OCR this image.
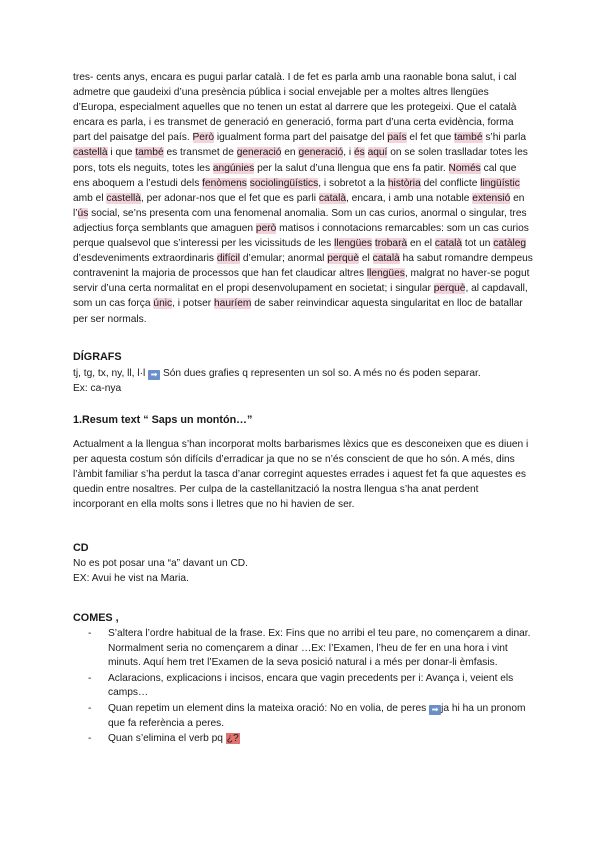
tres- cents anys, encara es pugui parlar català. I de fet es parla amb una raonable bona salut, i cal admetre que gaudeixi d’una presència pública i social envejable per a moltes altres llengües d’Europa, especialment aquelles que no tenen un estat al darrere que les protegeixi. Que el català encara es parla, i es transmet de generació en generació, forma part d’una certa evidència, forma part del paisatge del país. Però igualment forma part del paisatge del país el fet que també s’hi parla castellà i que també es transmet de generació en generació, i és aquí on se solen traslladar totes les pors, tots els neguits, totes les angúnies per la salut d’una llengua que ens fa patir. Només cal que ens aboquem a l’estudi dels fenòmens sociolingüístics, i sobretot a la història del conflicte lingüístic amb el castellà, per adonar-nos que el fet que es parli català, encara, i amb una notable extensió en l’ús social, se’ns presenta com una fenomenal anomalia. Som un cas curios, anormal o singular, tres adjectius força semblants que amaguen però matisos i connotacions remarcables: som un cas curios perque qualsevol que s’interessi per les vicissituds de les llengües trobarà en el català tot un catàleg d’esdeveniments extraordinaris difícil d’emular; anormal perquè el català ha sabut romandre dempeus contravenint la majoria de processos que han fet claudicar altres llengües, malgrat no haver-se pogut servir d’una certa normalitat en el propi desenvolupament en societat; i singular perquè, al capdavall, som un cas força únic, i potser hauríem de saber reinvindicar aquesta singularitat en lloc de batallar per ser normals.

DÍGRAFS

tj, tg, tx, ny, ll, l·l ➡ Són dues grafies q representen un sol so. A més no és poden separar.
Ex: ca-nya

1.Resum text “ Saps un montón…”

Actualment a la llengua s’han incorporat molts barbarismes lèxics que es desconeixen que es diuen i per aquesta costum són difícils d’erradicar ja que no se n’és conscient de que ho són. A més, dins l’àmbit familiar s’ha perdut la tasca d’anar corregint aquestes errades i aquest fet fa que aquestes es quedin entre nosaltres. Per culpa de la castellanització la nostra llengua s’ha anat perdent incorporant en ella molts sons i lletres que no hi havien de ser.

CD

No es pot posar una “a” davant un CD.
EX: Avui he vist na Maria.

COMES ,
- S’altera l’ordre habitual de la frase. Ex: Fins que no arribi el teu pare, no començarem a dinar. Normalment seria no començarem a dinar …Ex: l’Examen, l’heu de fer en una hora i vint minuts. Aquí hem tret l’Examen de la seva posició natural i a més per donar-li èmfasis.
- Aclaracions, explicacions i incisos, encara que vagin precedents per i: Avança i, veient els camps…
- Quan repetim un element dins la mateixa oració: No en volia, de peres ➡ ja hi ha un pronom que fa referència a peres.
- Quan s’elimina el verb pq ¿?
